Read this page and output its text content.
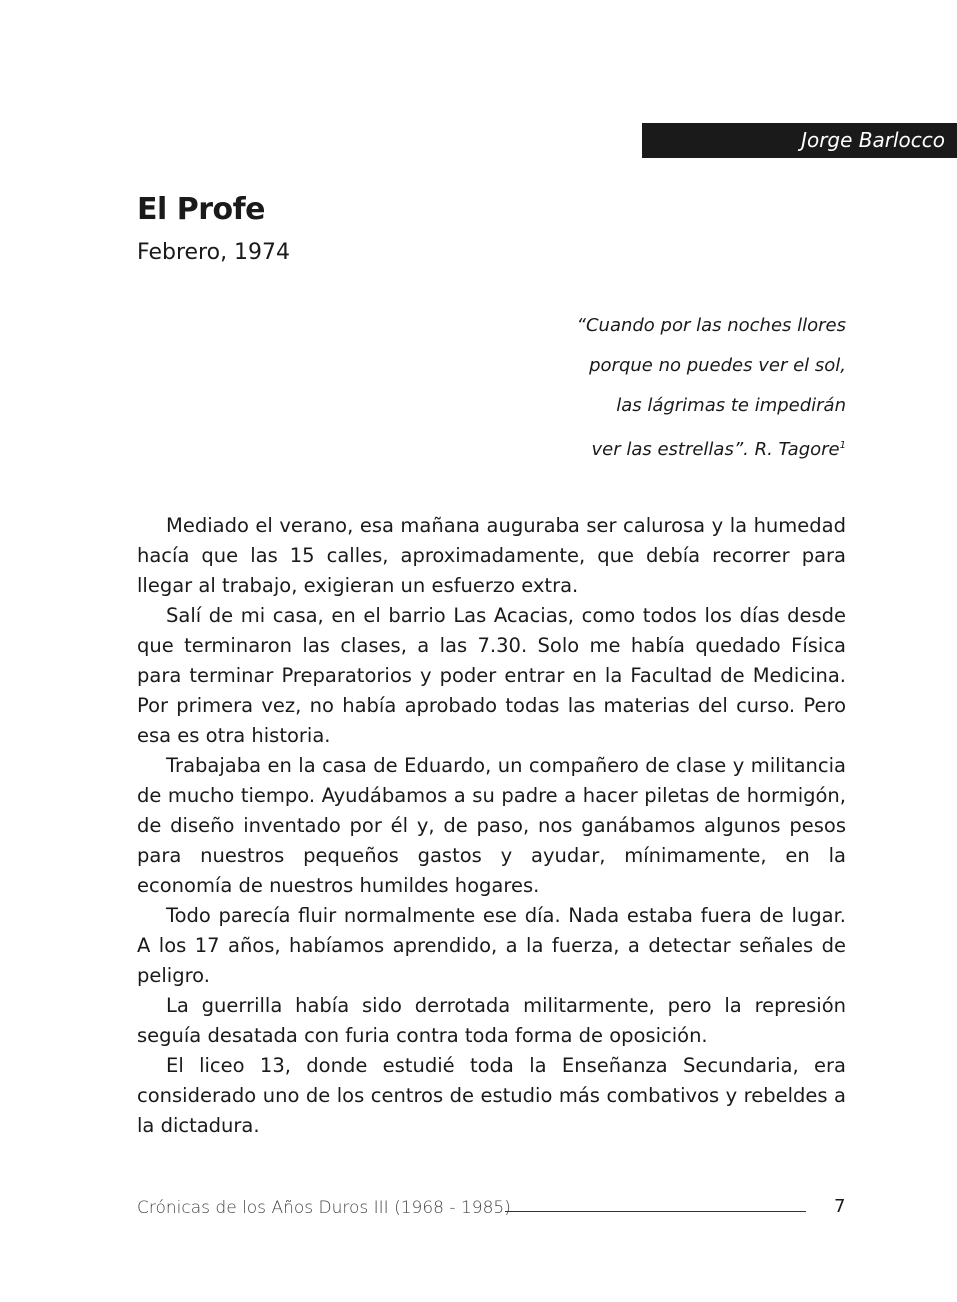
Jorge Barlocco
El Profe
Febrero, 1974
“Cuando por las noches llores
porque no puedes ver el sol,
las lágrimas te impedirán
ver las estrellas”. R. Tagore$^1$

Mediado el verano, esa mañana auguraba ser calurosa y la humedad hacía que las 15 calles, aproximadamente, que debía recorrer para llegar al trabajo, exigieran un esfuerzo extra.

Salí de mi casa, en el barrio Las Acacias, como todos los días desde que terminaron las clases, a las 7.30. Solo me había quedado Física para terminar Preparatorios y poder entrar en la Facultad de Medicina. Por primera vez, no había aprobado todas las materias del curso. Pero esa es otra historia.

Trabajaba en la casa de Eduardo, un compañero de clase y militancia de mucho tiempo. Ayudábamos a su padre a hacer piletas de hormigón, de diseño inventado por él y, de paso, nos ganábamos algunos pesos para nuestros pequeños gastos y ayudar, mínimamente, en la economía de nuestros humildes hogares.

Todo parecía fluir normalmente ese día. Nada estaba fuera de lugar. A los 17 años, habíamos aprendido, a la fuerza, a detectar señales de peligro.

La guerrilla había sido derrotada militarmente, pero la represión seguía desatada con furia contra toda forma de oposición.

El liceo 13, donde estudié toda la Enseñanza Secundaria, era considerado uno de los centros de estudio más combativos y rebeldes a la dictadura.

Crónicas de los Años Duros III (1968 - 1985)	7
